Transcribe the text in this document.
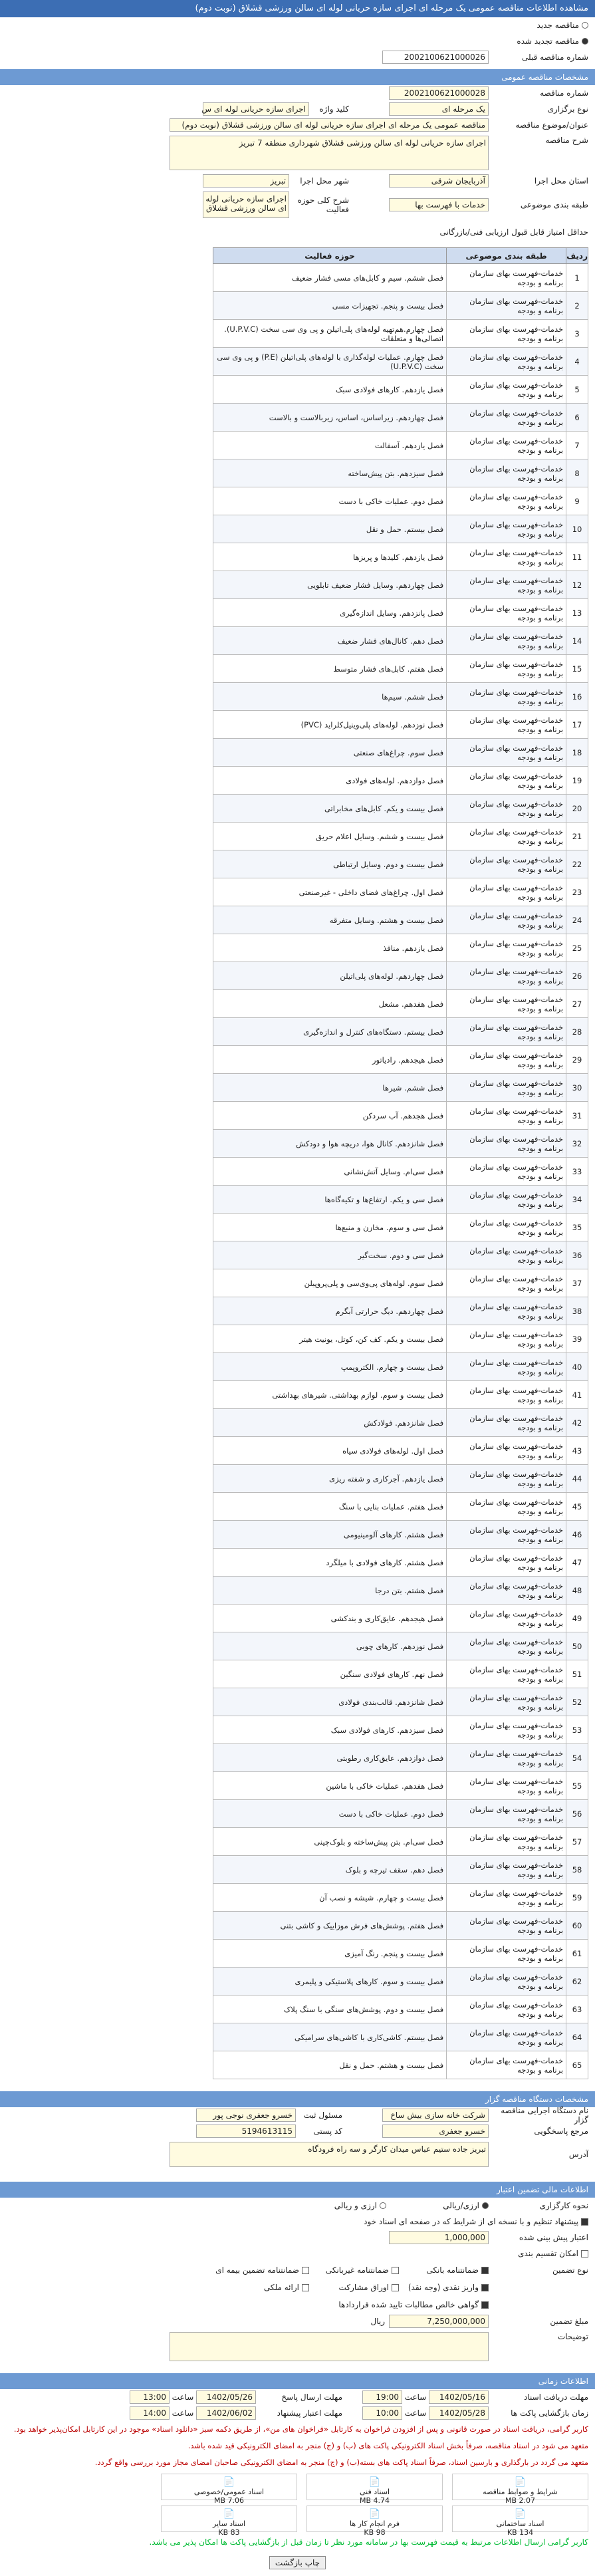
مشاهده اطلاعات مناقصه عمومی یک مرحله ای اجرای سازه حریانی لوله ای سالن ورزشی قشلاق (نوبت دوم)
مناقصه جدید
مناقصه تجدید شده
شماره مناقصه قبلی
2002100621000026
مشخصات مناقصه عمومی
شماره مناقصه
2002100621000028
نوع برگزاری
یک مرحله ای
کلید واژه
اجرای سازه حریانی لوله ای س
عنوان/موضوع مناقصه
مناقصه عمومی یک مرحله ای اجرای سازه حریانی لوله ای سالن ورزشی قشلاق (نوبت دوم)
شرح مناقصه
اجرای سازه حریانی لوله ای سالن ورزشی قشلاق شهرداری منطقه 7 تبریز
استان محل اجرا
آذربایجان شرقی
شهر محل اجرا
تبریز
طبقه بندی موضوعی
خدمات با فهرست بها
شرح کلی حوزه فعالیت
اجرای سازه حریانی لوله ای سالن ورزشی قشلاق
حداقل امتیاز قابل قبول ارزیابی فنی/بازرگانی
ردیف	طبقه بندی موضوعی	حوزه فعالیت
1	خدمات-فهرست بهای سازمان برنامه و بودجه	فصل ششم. سیم و کابل‌های مسی فشار ضعیف
2	خدمات-فهرست بهای سازمان برنامه و بودجه	فصل بیست و پنجم. تجهیزات مسی
3	خدمات-فهرست بهای سازمان برنامه و بودجه	فصل چهارم.هم‌تهیه لوله‌های پلی‌اتیلن و پی وی سی سخت (U.P.V.C). اتصالی‌ها و متعلقات
4	خدمات-فهرست بهای سازمان برنامه و بودجه	فصل چهارم. عملیات لوله‌گذاری با لوله‌های پلی‌اتیلن (P.E) و پی وی سی سخت (U.P.V.C)
5	خدمات-فهرست بهای سازمان برنامه و بودجه	فصل یازدهم. کارهای فولادی سبک
6	خدمات-فهرست بهای سازمان برنامه و بودجه	فصل چهاردهم. زیراساس، اساس، زیربالاست و بالاست
7	خدمات-فهرست بهای سازمان برنامه و بودجه	فصل یازدهم. آسفالت
8	خدمات-فهرست بهای سازمان برنامه و بودجه	فصل سیزدهم. بتن پیش‌ساخته
9	خدمات-فهرست بهای سازمان برنامه و بودجه	فصل دوم. عملیات خاکی با دست
10	خدمات-فهرست بهای سازمان برنامه و بودجه	فصل بیستم. حمل و نقل
11	خدمات-فهرست بهای سازمان برنامه و بودجه	فصل یازدهم. کلیدها و پریزها
12	خدمات-فهرست بهای سازمان برنامه و بودجه	فصل چهاردهم. وسایل فشار ضعیف تابلویی
13	خدمات-فهرست بهای سازمان برنامه و بودجه	فصل پانزدهم. وسایل اندازه‌گیری
14	خدمات-فهرست بهای سازمان برنامه و بودجه	فصل دهم. کانال‌های فشار ضعیف
15	خدمات-فهرست بهای سازمان برنامه و بودجه	فصل هفتم. کابل‌های فشار متوسط
16	خدمات-فهرست بهای سازمان برنامه و بودجه	فصل ششم. سیم‌ها
17	خدمات-فهرست بهای سازمان برنامه و بودجه	فصل نوزدهم. لوله‌های پلی‌وینیل‌کلراید (PVC)
18	خدمات-فهرست بهای سازمان برنامه و بودجه	فصل سوم. چراغ‌های صنعتی
19	خدمات-فهرست بهای سازمان برنامه و بودجه	فصل دوازدهم. لوله‌های فولادی
20	خدمات-فهرست بهای سازمان برنامه و بودجه	فصل بیست و یکم. کابل‌های مخابراتی
21	خدمات-فهرست بهای سازمان برنامه و بودجه	فصل بیست و ششم. وسایل اعلام حریق
22	خدمات-فهرست بهای سازمان برنامه و بودجه	فصل بیست و دوم. وسایل ارتباطی
23	خدمات-فهرست بهای سازمان برنامه و بودجه	فصل اول. چراغ‌های فضای داخلی - غیرصنعتی
24	خدمات-فهرست بهای سازمان برنامه و بودجه	فصل بیست و هشتم. وسایل متفرقه
25	خدمات-فهرست بهای سازمان برنامه و بودجه	فصل یازدهم. منافذ
26	خدمات-فهرست بهای سازمان برنامه و بودجه	فصل چهاردهم. لوله‌های پلی‌اتیلن
27	خدمات-فهرست بهای سازمان برنامه و بودجه	فصل هفدهم. مشعل
28	خدمات-فهرست بهای سازمان برنامه و بودجه	فصل بیستم. دستگاه‌های کنترل و اندازه‌گیری
29	خدمات-فهرست بهای سازمان برنامه و بودجه	فصل هیجدهم. رادیاتور
30	خدمات-فهرست بهای سازمان برنامه و بودجه	فصل ششم. شیرها
31	خدمات-فهرست بهای سازمان برنامه و بودجه	فصل هجدهم. آب سردکن
32	خدمات-فهرست بهای سازمان برنامه و بودجه	فصل شانزدهم. کانال هوا، دریچه هوا و دودکش
33	خدمات-فهرست بهای سازمان برنامه و بودجه	فصل سی‌ام. وسایل آتش‌نشانی
34	خدمات-فهرست بهای سازمان برنامه و بودجه	فصل سی و یکم. ارتفاع‌ها و تکیه‌گاه‌ها
35	خدمات-فهرست بهای سازمان برنامه و بودجه	فصل سی و سوم. مخازن و منبع‌ها
36	خدمات-فهرست بهای سازمان برنامه و بودجه	فصل سی و دوم. سخت‌گیر
37	خدمات-فهرست بهای سازمان برنامه و بودجه	فصل سوم. لوله‌های پی‌وی‌سی و پلی‌پروپیلن
38	خدمات-فهرست بهای سازمان برنامه و بودجه	فصل چهاردهم. دیگ حرارتی آبگرم
39	خدمات-فهرست بهای سازمان برنامه و بودجه	فصل بیست و یکم. کف کن، کوتل، یونیت هیتر
40	خدمات-فهرست بهای سازمان برنامه و بودجه	فصل بیست و چهارم. الکتروپمپ
41	خدمات-فهرست بهای سازمان برنامه و بودجه	فصل بیست و سوم. لوازم بهداشتی. شیرهای بهداشتی
42	خدمات-فهرست بهای سازمان برنامه و بودجه	فصل شانزدهم. فولادکش
43	خدمات-فهرست بهای سازمان برنامه و بودجه	فصل اول. لوله‌های فولادی سیاه
44	خدمات-فهرست بهای سازمان برنامه و بودجه	فصل یازدهم. آجرکاری و شفته ریزی
45	خدمات-فهرست بهای سازمان برنامه و بودجه	فصل هفتم. عملیات بنایی با سنگ
46	خدمات-فهرست بهای سازمان برنامه و بودجه	فصل هشتم. کارهای آلومینیومی
47	خدمات-فهرست بهای سازمان برنامه و بودجه	فصل هشتم. کارهای فولادی با میلگرد
48	خدمات-فهرست بهای سازمان برنامه و بودجه	فصل هشتم. بتن درجا
49	خدمات-فهرست بهای سازمان برنامه و بودجه	فصل هیجدهم. عایق‌کاری و بندکشی
50	خدمات-فهرست بهای سازمان برنامه و بودجه	فصل نوزدهم. کارهای چوبی
51	خدمات-فهرست بهای سازمان برنامه و بودجه	فصل نهم. کارهای فولادی سنگین
52	خدمات-فهرست بهای سازمان برنامه و بودجه	فصل شانزدهم. قالب‌بندی فولادی
53	خدمات-فهرست بهای سازمان برنامه و بودجه	فصل سیزدهم. کارهای فولادی سبک
54	خدمات-فهرست بهای سازمان برنامه و بودجه	فصل دوازدهم. عایق‌کاری رطوبتی
55	خدمات-فهرست بهای سازمان برنامه و بودجه	فصل هفدهم. عملیات خاکی با ماشین
56	خدمات-فهرست بهای سازمان برنامه و بودجه	فصل دوم. عملیات خاکی با دست
57	خدمات-فهرست بهای سازمان برنامه و بودجه	فصل سی‌ام. بتن پیش‌ساخته و بلوک‌چینی
58	خدمات-فهرست بهای سازمان برنامه و بودجه	فصل دهم. سقف تیرچه و بلوک
59	خدمات-فهرست بهای سازمان برنامه و بودجه	فصل بیست و چهارم. شیشه و نصب آن
60	خدمات-فهرست بهای سازمان برنامه و بودجه	فصل هفتم. پوشش‌های فرش موزاییک و کاشی بتنی
61	خدمات-فهرست بهای سازمان برنامه و بودجه	فصل بیست و پنجم. رنگ آمیزی
62	خدمات-فهرست بهای سازمان برنامه و بودجه	فصل بیست و سوم. کارهای پلاستیکی و پلیمری
63	خدمات-فهرست بهای سازمان برنامه و بودجه	فصل بیست و دوم. پوشش‌های سنگی با سنگ پلاک
64	خدمات-فهرست بهای سازمان برنامه و بودجه	فصل بیستم. کاشی‌کاری با کاشی‌های سرامیکی
65	خدمات-فهرست بهای سازمان برنامه و بودجه	فصل بیست و هشتم. حمل و نقل
مشخصات دستگاه مناقصه گزار
نام دستگاه اجرایی مناقصه گزار
شرکت خانه سازی بیش ساخ
مسئول ثبت
خسرو جعفری نوجی پور
مرجع پاسخگویی
خسرو جعفری
کد پستی
5194613115
آدرس
تبریز جاده ستیم عباس میدان کارگر و سه راه فرودگاه
اطلاعات مالی تضمین اعتبار
نحوه کارگزاری
ارزی/ریالی
ارزی و ریالی
پیشنهاد تنظیم و با نسخه ای از شرایط که در صفحه ای اسناد خود
اعتبار پیش بینی شده
1,000,000
امکان تقسیم بندی
نوع تضمین
ضمانتنامه بانکی
ضمانتنامه غیربانکی
ضمانتنامه تضمین بیمه ای
واریز نقدی (وجه نقد)
اوراق مشارکت
ارائه ملکی
گواهی خالص مطالبات تایید شده قراردادها
مبلغ تضمین
7,250,000,000
ریال
توضیحات
اطلاعات زمانی
مهلت دریافت اسناد
1402/05/16
ساعت
19:00
مهلت ارسال پاسخ
1402/05/26
ساعت
13:00
زمان بازگشایی پاکت ها
1402/05/28
ساعت
10:00
مهلت اعتبار پیشنهاد
1402/06/02
ساعت
14:00
کاربر گرامی، دریافت اسناد در صورت قانونی و پس از افزودن فراخوان به کارتابل «فراخوان های من»، از طریق دکمه سبز «دانلود اسناد» موجود در این کارتابل امکان‌پذیر خواهد بود.
متعهد می شود در اسناد مناقصه، صرفاً بخش اسناد الکترونیکی پاکت های (ب) و (ج) منجر به امضای الکترونیکی قید شده باشد.
متعهد می گردد در بارگذاری و بارسین اسناد، صرفاً اسناد پاکت های بسته(ب) و (ج) منجر به امضای الکترونیکی صاحبان امضای مجاز مورد بررسی واقع گردد.
📄
شرایط و ضوابط مناقصه
2.07 MB
📄
اسناد فنی
4.74 MB
📄
اسناد عمومی/خصوصی
7.06 MB
📄
اسناد ساختمانی
134 KB
📄
فرم انجام کار ها
98 KB
📄
اسناد سایر
83 KB
کاربر گرامی ارسال اطلاعات مرتبط به قیمت فهرست بها در سامانه مورد نظر تا زمان قبل از بازگشایی پاکت ها امکان پذیر می باشد.
چاپ بازگشت
